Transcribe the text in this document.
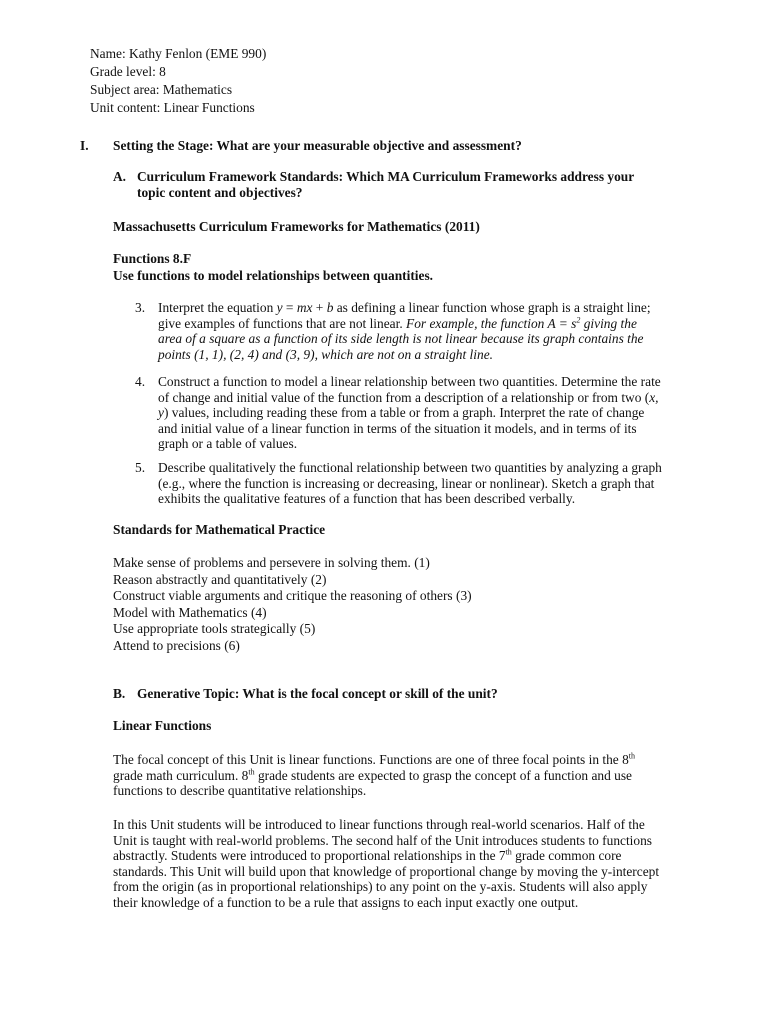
Name: Kathy Fenlon (EME 990)
Grade level: 8
Subject area: Mathematics
Unit content: Linear Functions
I. Setting the Stage: What are your measurable objective and assessment?
A. Curriculum Framework Standards: Which MA Curriculum Frameworks address your
topic content and objectives?
Massachusetts Curriculum Frameworks for Mathematics (2011)
Functions 8.F
Use functions to model relationships between quantities.
3. Interpret the equation y = mx + b as defining a linear function whose graph is a straight line;
give examples of functions that are not linear. For example, the function $A = s^2$ giving the
area of a square as a function of its side length is not linear because its graph contains the
points (1, 1), (2, 4) and (3, 9), which are not on a straight line.
4. Construct a function to model a linear relationship between two quantities. Determine the rate
of change and initial value of the function from a description of a relationship or from two (x,
y) values, including reading these from a table or from a graph. Interpret the rate of change
and initial value of a linear function in terms of the situation it models, and in terms of its
graph or a table of values.
5. Describe qualitatively the functional relationship between two quantities by analyzing a graph
(e.g., where the function is increasing or decreasing, linear or nonlinear). Sketch a graph that
exhibits the qualitative features of a function that has been described verbally.
Standards for Mathematical Practice
Make sense of problems and persevere in solving them. (1)
Reason abstractly and quantitatively (2)
Construct viable arguments and critique the reasoning of others (3)
Model with Mathematics (4)
Use appropriate tools strategically (5)
Attend to precisions (6)
B. Generative Topic: What is the focal concept or skill of the unit?
Linear Functions
The focal concept of this Unit is linear functions. Functions are one of three focal points in the 8th
grade math curriculum. 8th grade students are expected to grasp the concept of a function and use
functions to describe quantitative relationships.
In this Unit students will be introduced to linear functions through real-world scenarios. Half of the
Unit is taught with real-world problems. The second half of the Unit introduces students to functions
abstractly. Students were introduced to proportional relationships in the 7th grade common core
standards. This Unit will build upon that knowledge of proportional change by moving the y-intercept
from the origin (as in proportional relationships) to any point on the y-axis. Students will also apply
their knowledge of a function to be a rule that assigns to each input exactly one output.
